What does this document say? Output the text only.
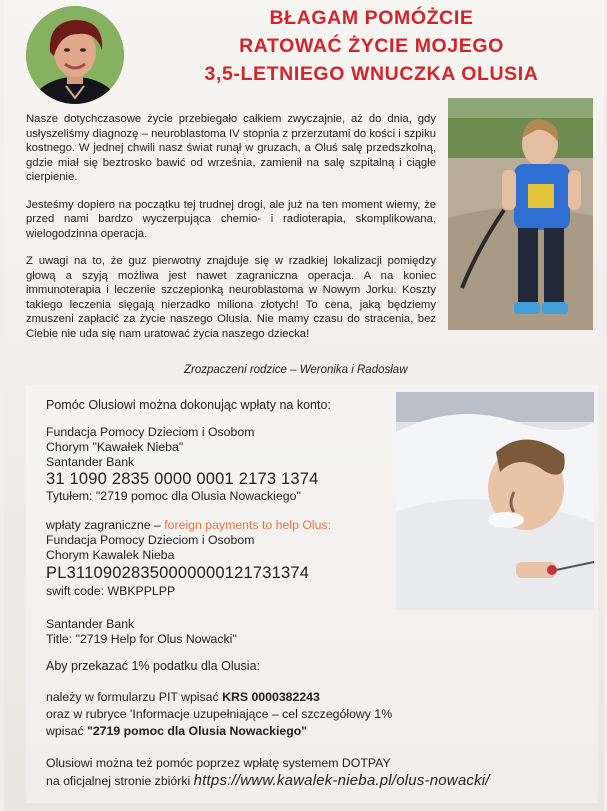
BŁAGAM POMÓŻCIE
RATOWAĆ ŻYCIE MOJEGO
3,5-LETNIEGO WNUCZKA OLUSIA

Nasze dotychczasowe życie przebiegało całkiem zwyczajnie, aż do dnia, gdy usłyszeliśmy diagnozę – neuroblastoma IV stopnia z przerzutami do kości i szpiku kostnego. W jednej chwili nasz świat runął w gruzach, a Oluś salę przedszkolną, gdzie miał się beztrosko bawić od września, zamienił na salę szpitalną i ciągłe cierpienie.

Jesteśmy dopiero na początku tej trudnej drogi, ale już na ten moment wiemy, że przed nami bardzo wyczerpująca chemio- i radioterapia, skomplikowana, wielogodzinna operacja.

Z uwagi na to, że guz pierwotny znajduje się w rzadkiej lokalizacji pomiędzy głową a szyją możliwa jest nawet zagraniczna operacja. A na koniec immunoterapia i leczenie szczepionką neuroblastoma w Nowym Jorku. Koszty takiego leczenia sięgają nierzadko miliona złotych! To cena, jaką będziemy zmuszeni zapłacić za życie naszego Olusia. Nie mamy czasu do stracenia, bez Ciebie nie uda się nam uratować życia naszego dziecka!

Zrozpaczeni rodzice – Weronika i Radosław
Pomóc Olusiowi można dokonując wpłaty na konto:
Fundacja Pomocy Dzieciom i Osobom
Chorym "Kawałek Nieba"
Santander Bank
31 1090 2835 0000 0001 2173 1374
Tytułem: "2719 pomoc dla Olusia Nowackiego"
wpłaty zagraniczne – foreign payments to help Olus:
Fundacja Pomocy Dzieciom i Osobom
Chorym Kawalek Nieba
PL31109028350000000121731374
swift code: WBKPPLPP
Santander Bank
Title: "2719 Help for Olus Nowacki"
Aby przekazać 1% podatku dla Olusia:
należy w formularzu PIT wpisać KRS 0000382243
oraz w rubryce 'Informacje uzupełniające – cel szczegółowy 1%
wpisać "2719 pomoc dla Olusia Nowackiego"
Olusiowi można też pomóc poprzez wpłatę systemem DOTPAY
na oficjalnej stronie zbiórki https://www.kawalek-nieba.pl/olus-nowacki/
